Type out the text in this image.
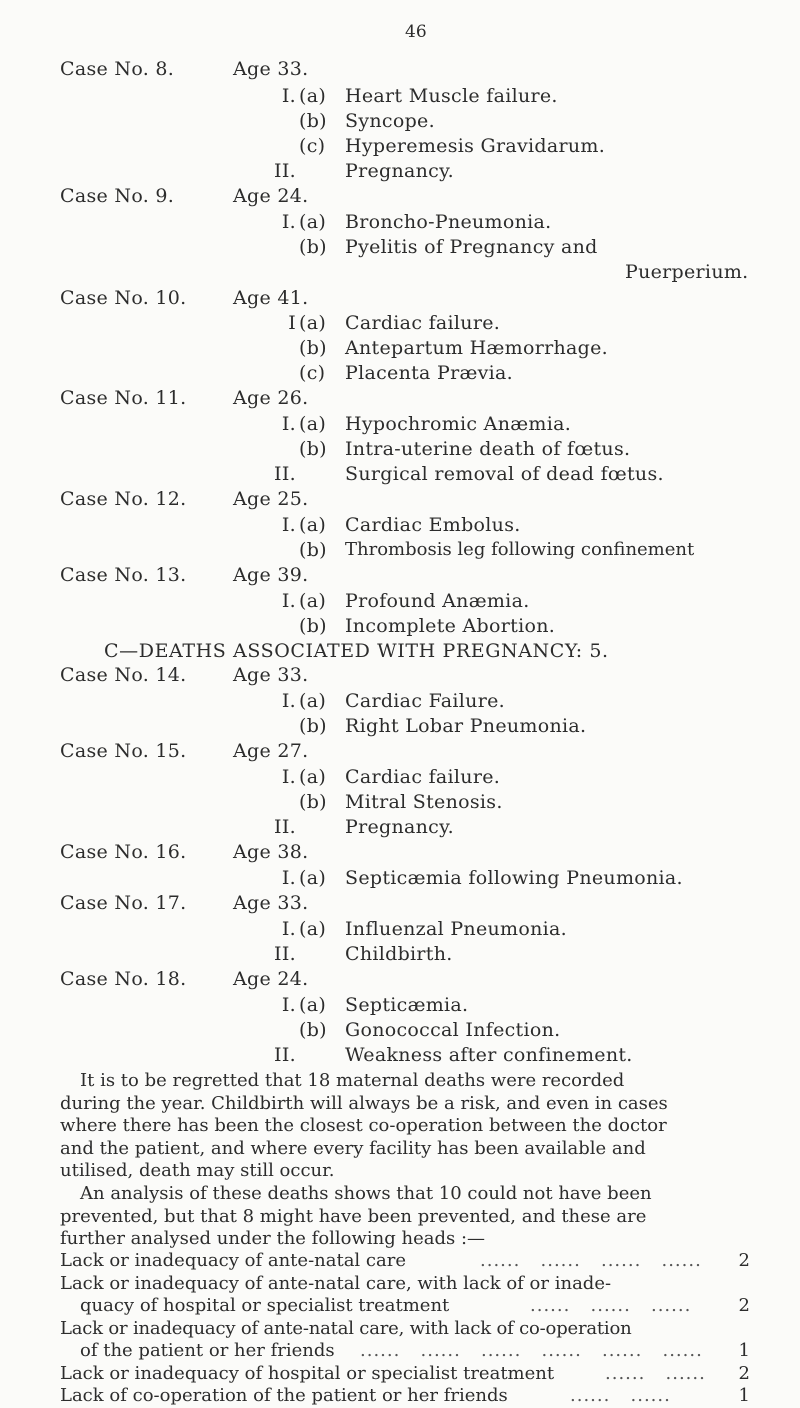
46
Case No. 8.	Age 33.
I. (a) Heart Muscle failure.
(b) Syncope.
(c) Hyperemesis Gravidarum.
II.	Pregnancy.
Case No. 9.	Age 24.
I. (a) Broncho-Pneumonia.
(b) Pyelitis of Pregnancy and
Puerperium.
Case No. 10. Age 41.
I (a) Cardiac failure.
(b) Antepartum Hæmorrhage.
(c) Placenta Prævia.
Case No. 11. Age 26.
I. (a) Hypochromic Anæmia.
(b) Intra-uterine death of fœtus.
II.	Surgical removal of dead fœtus.
Case No. 12. Age 25.
I. (a) Cardiac Embolus.
(b) Thrombosis leg following confinement
Case No. 13. Age 39.
I. (a) Profound Anæmia.
(b) Incomplete Abortion.
C—DEATHS ASSOCIATED WITH PREGNANCY: 5.
Case No. 14. Age 33.
I. (a) Cardiac Failure.
(b) Right Lobar Pneumonia.
Case No. 15. Age 27.
I. (a) Cardiac failure.
(b) Mitral Stenosis.
II.	Pregnancy.
Case No. 16. Age 38.
I. (a) Septicæmia following Pneumonia.
Case No. 17. Age 33.
I. (a) Influenzal Pneumonia.
II.	Childbirth.
Case No. 18. Age 24.
I. (a) Septicæmia.
(b) Gonococcal Infection.
II.	Weakness after confinement.
It is to be regretted that 18 maternal deaths were recorded
during the year. Childbirth will always be a risk, and even in cases
where there has been the closest co-operation between the doctor
and the patient, and where every facility has been available and
utilised, death may still occur.
An analysis of these deaths shows that 10 could not have been
prevented, but that 8 might have been prevented, and these are
further analysed under the following heads :—
Lack or inadequacy of ante-natal care	......   ......   ......   ......	2
Lack or inadequacy of ante-natal care, with lack of or inade-
quacy of hospital or specialist treatment	......   ......   ......	2
Lack or inadequacy of ante-natal care, with lack of co-operation
of the patient or her friends ......   ......   ......   ......   ......   ......	1
Lack or inadequacy of hospital or specialist treatment	......   ......	2
Lack of co-operation of the patient or her friends	......   ......	1
